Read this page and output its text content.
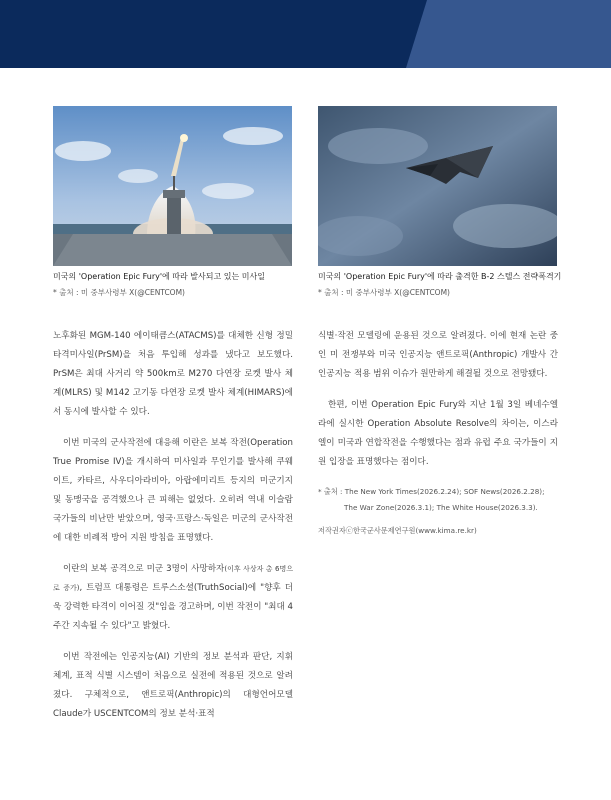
미국의 'Operation Epic Fury'에 따라 발사되고 있는 미사일
* 출처 : 미 중부사령부 X(@CENTCOM)
미국의 'Operation Epic Fury'에 따라 출격한 B-2 스텔스 전략폭격기
* 출처 : 미 중부사령부 X(@CENTCOM)

노후화된 MGM-140 에이태큼스(ATACMS)를 대체한 신형 정밀타격미사일(PrSM)을 처음 투입해 성과를 냈다고 보도했다. PrSM은 최대 사거리 약 500km로 M270 다연장 로켓 발사 체계(MLRS) 및 M142 고기동 다연장 로켓 발사 체계(HIMARS)에서 동시에 발사할 수 있다.

이번 미국의 군사작전에 대응해 이란은 보복 작전(Operation True Promise IV)을 개시하여 미사일과 무인기를 발사해 쿠웨이트, 카타르, 사우디아라비아, 아랍에미리트 등지의 미군기지 및 동맹국을 공격했으나 큰 피해는 없었다. 오히려 역내 이슬람 국가들의 비난만 받았으며, 영국·프랑스·독일은 미군의 군사작전에 대한 비례적 방어 지원 방침을 표명했다.

이란의 보복 공격으로 미군 3명이 사망하자(이후 사상자 총 6명으로 증가), 트럼프 대통령은 트루스소셜(TruthSocial)에 "향후 더욱 강력한 타격이 이어질 것"임을 경고하며, 이번 작전이 "최대 4주간 지속될 수 있다"고 밝혔다.

이번 작전에는 인공지능(AI) 기반의 정보 분석과 판단, 지휘 체계, 표적 식별 시스템이 처음으로 실전에 적용된 것으로 알려졌다. 구체적으로, 앤트로픽(Anthropic)의 대형언어모델 Claude가 USCENTCOM의 정보 분석·표적

식별·작전 모델링에 운용된 것으로 알려졌다. 이에 현재 논란 중인 미 전쟁부와 미국 인공지능 앤트로픽(Anthropic) 개발사 간 인공지능 적용 범위 이슈가 원만하게 해결될 것으로 전망됐다.

한편, 이번 Operation Epic Fury와 지난 1월 3일 베네수엘라에 실시한 Operation Absolute Resolve의 차이는, 이스라엘이 미국과 연합작전을 수행했다는 점과 유럽 주요 국가들이 지원 입장을 표명했다는 점이다.

* 출처 : The New York Times(2026.2.24); SOF News(2026.2.28);
The War Zone(2026.3.1); The White House(2026.3.3).

저작권자ⓒ한국군사문제연구원(www.kima.re.kr)
